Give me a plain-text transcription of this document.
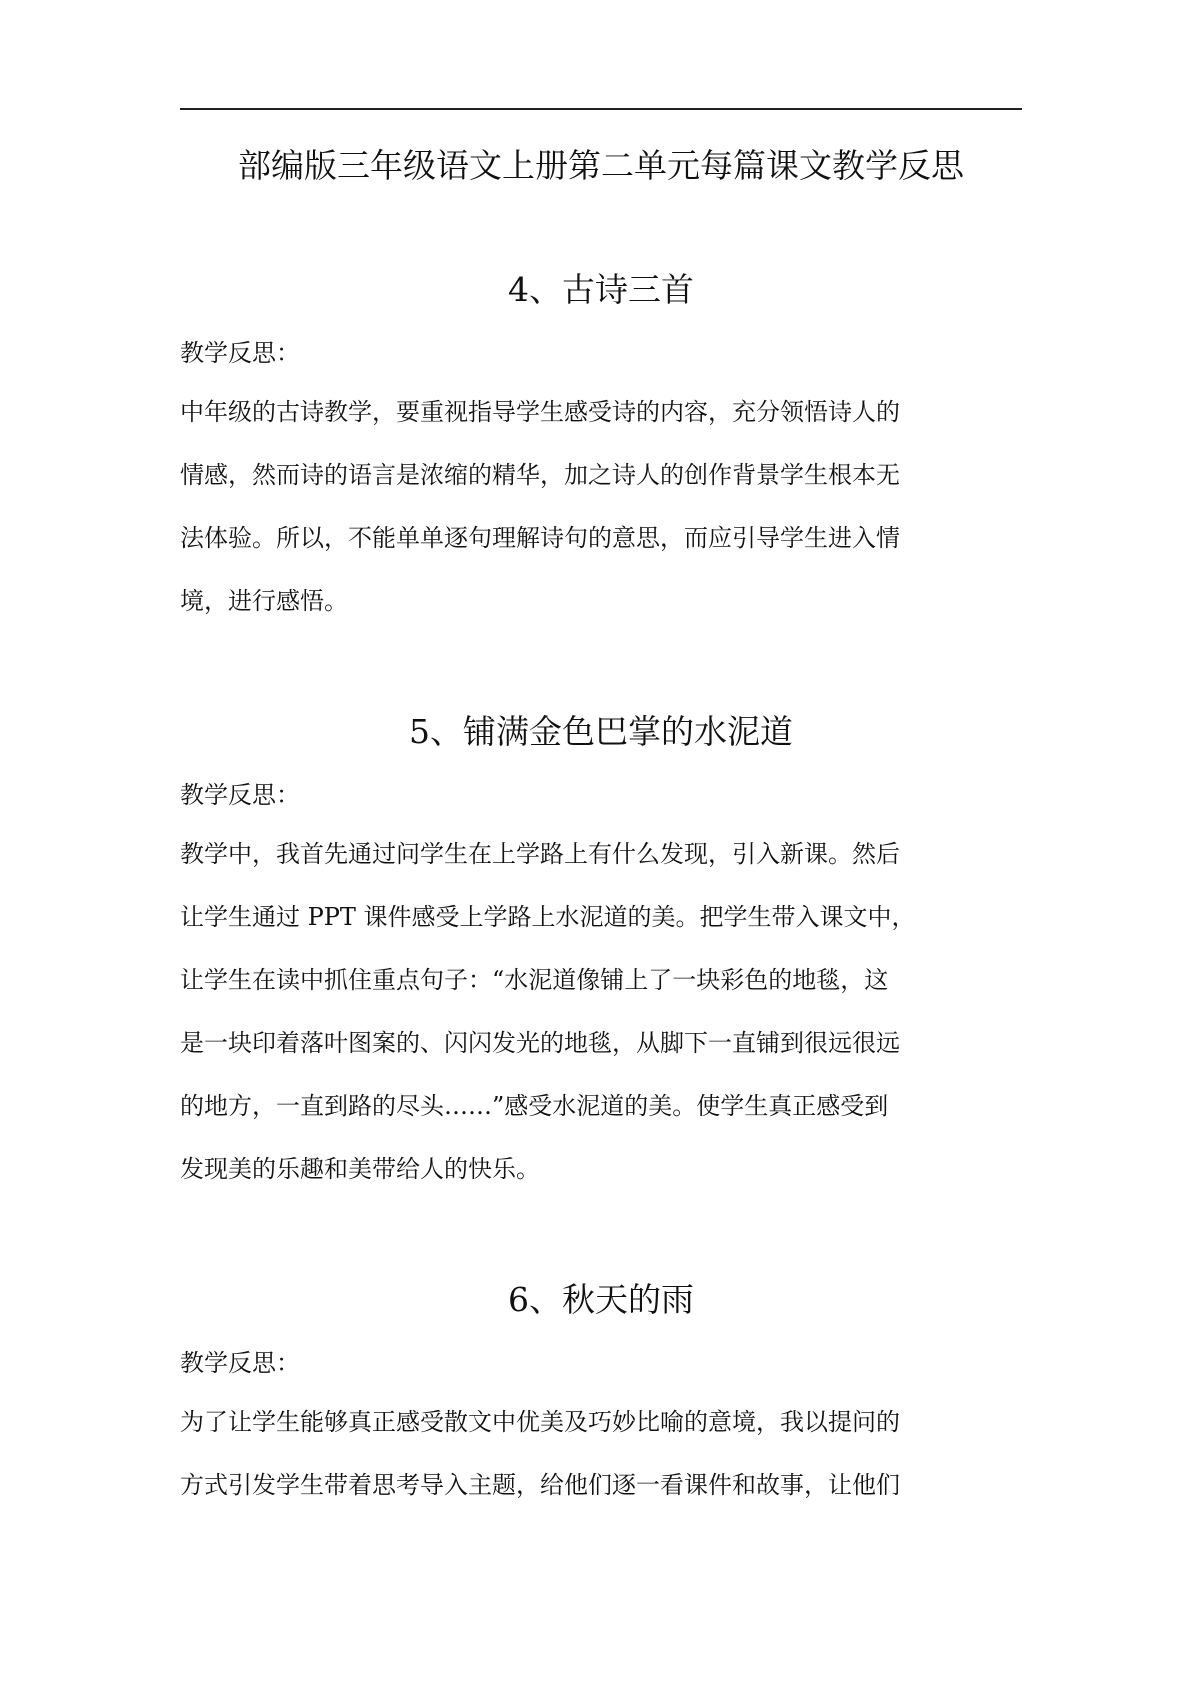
部编版三年级语文上册第二单元每篇课文教学反思
4、古诗三首
教学反思：
中年级的古诗教学，要重视指导学生感受诗的内容，充分领悟诗人的
情感，然而诗的语言是浓缩的精华，加之诗人的创作背景学生根本无
法体验。所以，不能单单逐句理解诗句的意思，而应引导学生进入情
境，进行感悟。
5、铺满金色巴掌的水泥道
教学反思：
教学中，我首先通过问学生在上学路上有什么发现，引入新课。然后
让学生通过 PPT 课件感受上学路上水泥道的美。把学生带入课文中，
让学生在读中抓住重点句子：“水泥道像铺上了一块彩色的地毯，这
是一块印着落叶图案的、闪闪发光的地毯，从脚下一直铺到很远很远
的地方，一直到路的尽头……”感受水泥道的美。使学生真正感受到
发现美的乐趣和美带给人的快乐。
6、秋天的雨
教学反思：
为了让学生能够真正感受散文中优美及巧妙比喻的意境，我以提问的
方式引发学生带着思考导入主题，给他们逐一看课件和故事，让他们
